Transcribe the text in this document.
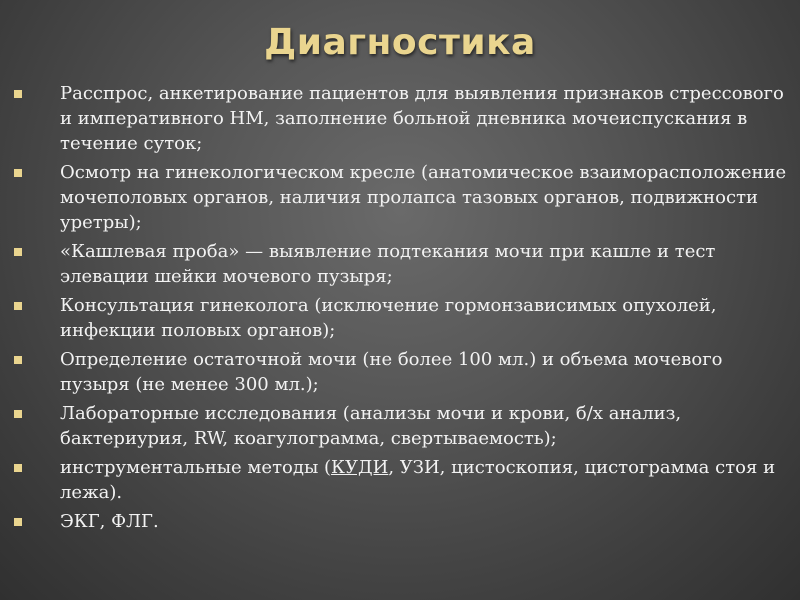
Диагностика
Расспрос, анкетирование пациентов для выявления признаков стрессового и императивного НМ, заполнение больной дневника мочеиспускания в течение суток;
Осмотр на гинекологическом кресле (анатомическое взаиморасположение мочеполовых органов, наличия пролапса тазовых органов, подвижности уретры);
«Кашлевая проба» — выявление подтекания мочи при кашле и тест элевации шейки мочевого пузыря;
Консультация гинеколога (исключение гормонзависимых опухолей, инфекции половых органов);
Определение остаточной мочи (не более 100 мл.) и объема мочевого пузыря (не менее 300 мл.);
Лабораторные исследования (анализы мочи и крови, б/х анализ, бактериурия, RW, коагулограмма, свертываемость);
инструментальные методы (КУДИ, УЗИ, цистоскопия, цистограмма стоя и лежа).
ЭКГ, ФЛГ.
